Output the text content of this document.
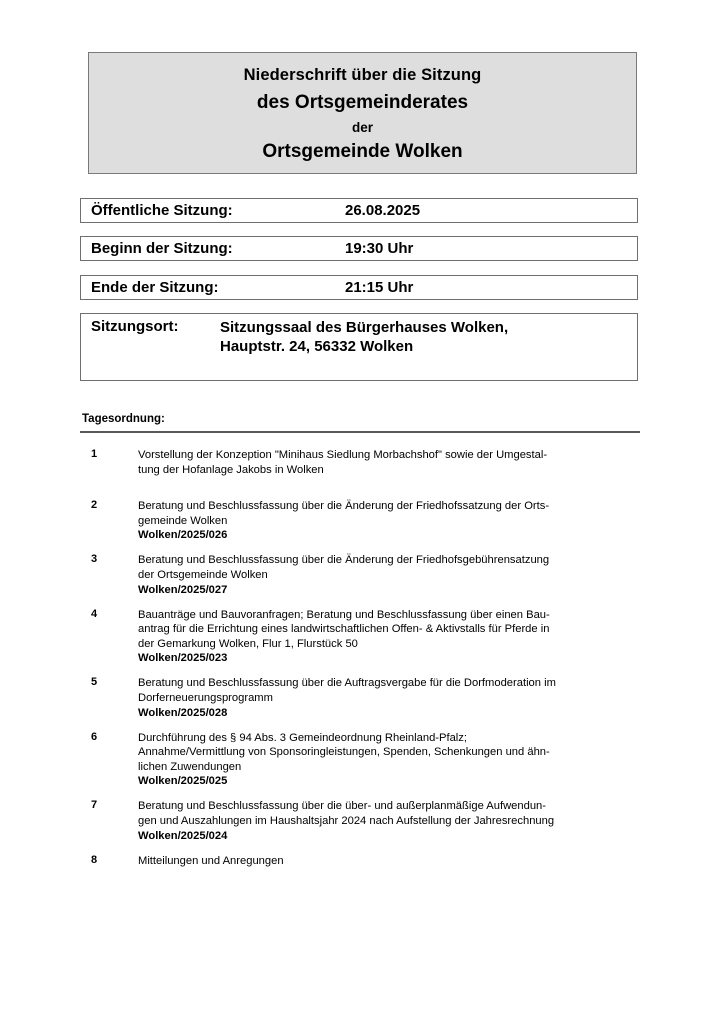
Niederschrift über die Sitzung
des Ortsgemeinderates
der
Ortsgemeinde Wolken
Öffentliche Sitzung:	26.08.2025
Beginn der Sitzung:	19:30 Uhr
Ende der Sitzung:	21:15 Uhr
Sitzungsort:	Sitzungssaal des Bürgerhauses Wolken,
Hauptstr. 24, 56332 Wolken
Tagesordnung:
1	Vorstellung der Konzeption "Minihaus Siedlung Morbachshof" sowie der Umgestal-
tung der Hofanlage Jakobs in Wolken
2	Beratung und Beschlussfassung über die Änderung der Friedhofssatzung der Orts-
gemeinde Wolken
Wolken/2025/026
3	Beratung und Beschlussfassung über die Änderung der Friedhofsgebührensatzung
der Ortsgemeinde Wolken
Wolken/2025/027
4	Bauanträge und Bauvoranfragen; Beratung und Beschlussfassung über einen Bau-
antrag für die Errichtung eines landwirtschaftlichen Offen- & Aktivstalls für Pferde in
der Gemarkung Wolken, Flur 1, Flurstück 50
Wolken/2025/023
5	Beratung und Beschlussfassung über die Auftragsvergabe für die Dorfmoderation im
Dorferneuerungsprogramm
Wolken/2025/028
6	Durchführung des § 94 Abs. 3 Gemeindeordnung Rheinland-Pfalz;
Annahme/Vermittlung von Sponsoringleistungen, Spenden, Schenkungen und ähn-
lichen Zuwendungen
Wolken/2025/025
7	Beratung und Beschlussfassung über die über- und außerplanmäßige Aufwendun-
gen und Auszahlungen im Haushaltsjahr 2024 nach Aufstellung der Jahresrechnung
Wolken/2025/024
8	Mitteilungen und Anregungen
